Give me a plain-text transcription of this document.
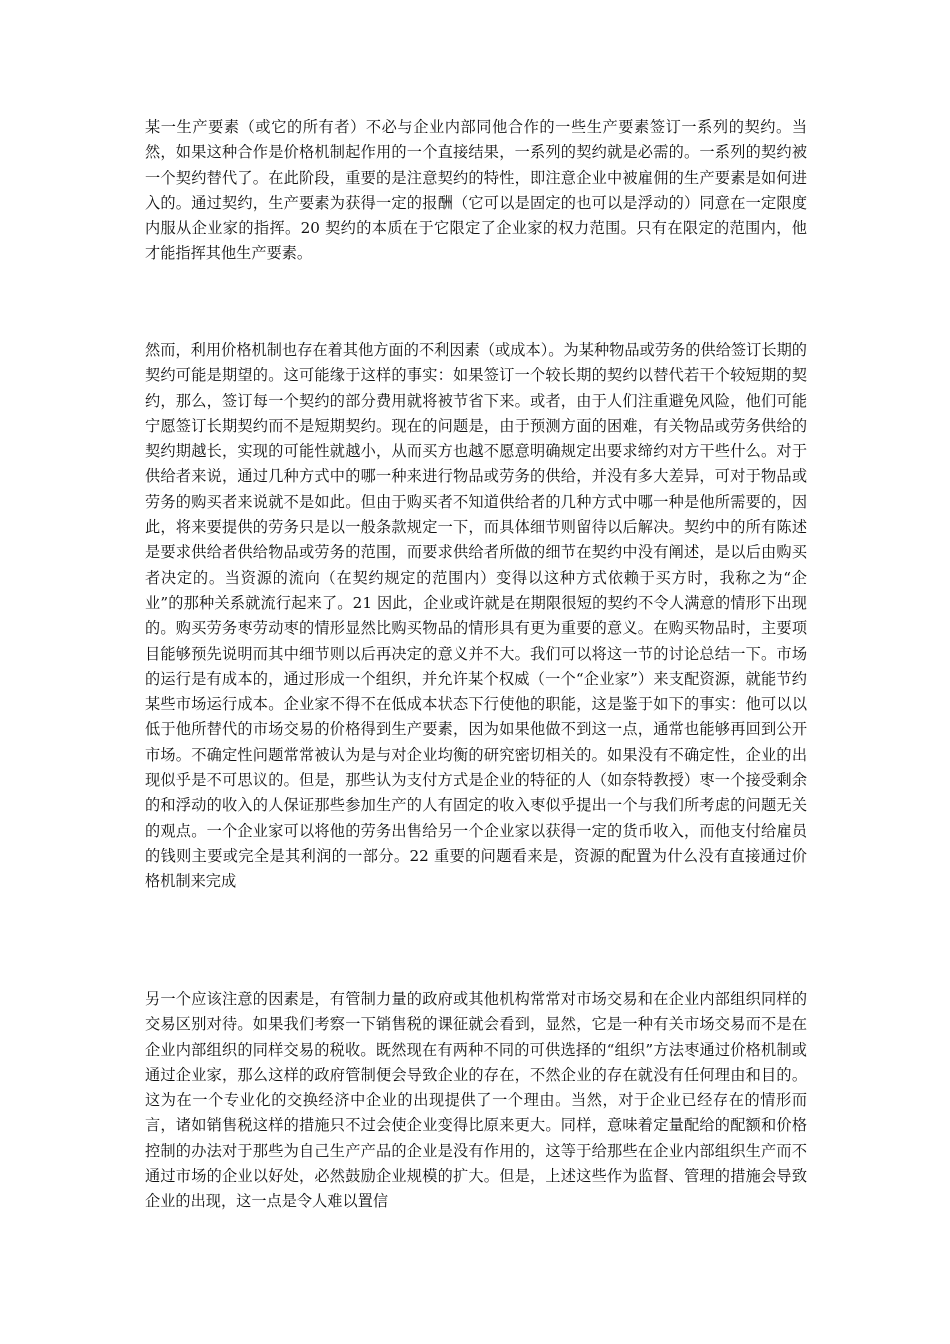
某一生产要素（或它的所有者）不必与企业内部同他合作的一些生产要素签订一系列的契约。当然，如果这种合作是价格机制起作用的一个直接结果，一系列的契约就是必需的。一系列的契约被一个契约替代了。在此阶段，重要的是注意契约的特性，即注意企业中被雇佣的生产要素是如何进入的。通过契约，生产要素为获得一定的报酬（它可以是固定的也可以是浮动的）同意在一定限度内服从企业家的指挥。20 契约的本质在于它限定了企业家的权力范围。只有在限定的范围内，他才能指挥其他生产要素。

然而，利用价格机制也存在着其他方面的不利因素（或成本）。为某种物品或劳务的供给签订长期的契约可能是期望的。这可能缘于这样的事实：如果签订一个较长期的契约以替代若干个较短期的契约，那么，签订每一个契约的部分费用就将被节省下来。或者，由于人们注重避免风险，他们可能宁愿签订长期契约而不是短期契约。现在的问题是，由于预测方面的困难，有关物品或劳务供给的契约期越长，实现的可能性就越小，从而买方也越不愿意明确规定出要求缔约对方干些什么。对于供给者来说，通过几种方式中的哪一种来进行物品或劳务的供给，并没有多大差异，可对于物品或劳务的购买者来说就不是如此。但由于购买者不知道供给者的几种方式中哪一种是他所需要的，因此，将来要提供的劳务只是以一般条款规定一下，而具体细节则留待以后解决。契约中的所有陈述是要求供给者供给物品或劳务的范围，而要求供给者所做的细节在契约中没有阐述，是以后由购买者决定的。当资源的流向（在契约规定的范围内）变得以这种方式依赖于买方时，我称之为“企业”的那种关系就流行起来了。21 因此，企业或许就是在期限很短的契约不令人满意的情形下出现的。购买劳务枣劳动枣的情形显然比购买物品的情形具有更为重要的意义。在购买物品时，主要项目能够预先说明而其中细节则以后再决定的意义并不大。我们可以将这一节的讨论总结一下。市场的运行是有成本的，通过形成一个组织，并允许某个权威（一个“企业家”）来支配资源，就能节约某些市场运行成本。企业家不得不在低成本状态下行使他的职能，这是鉴于如下的事实：他可以以低于他所替代的市场交易的价格得到生产要素，因为如果他做不到这一点，通常也能够再回到公开市场。不确定性问题常常被认为是与对企业均衡的研究密切相关的。如果没有不确定性，企业的出现似乎是不可思议的。但是，那些认为支付方式是企业的特征的人（如奈特教授）枣一个接受剩余的和浮动的收入的人保证那些参加生产的人有固定的收入枣似乎提出一个与我们所考虑的问题无关的观点。一个企业家可以将他的劳务出售给另一个企业家以获得一定的货币收入，而他支付给雇员的钱则主要或完全是其利润的一部分。22 重要的问题看来是，资源的配置为什么没有直接通过价格机制来完成

另一个应该注意的因素是，有管制力量的政府或其他机构常常对市场交易和在企业内部组织同样的交易区别对待。如果我们考察一下销售税的课征就会看到，显然，它是一种有关市场交易而不是在企业内部组织的同样交易的税收。既然现在有两种不同的可供选择的“组织”方法枣通过价格机制或通过企业家，那么这样的政府管制便会导致企业的存在，不然企业的存在就没有任何理由和目的。这为在一个专业化的交换经济中企业的出现提供了一个理由。当然，对于企业已经存在的情形而言，诸如销售税这样的措施只不过会使企业变得比原来更大。同样，意味着定量配给的配额和价格控制的办法对于那些为自己生产产品的企业是没有作用的，这等于给那些在企业内部组织生产而不通过市场的企业以好处，必然鼓励企业规模的扩大。但是，上述这些作为监督、管理的措施会导致企业的出现，这一点是令人难以置信
